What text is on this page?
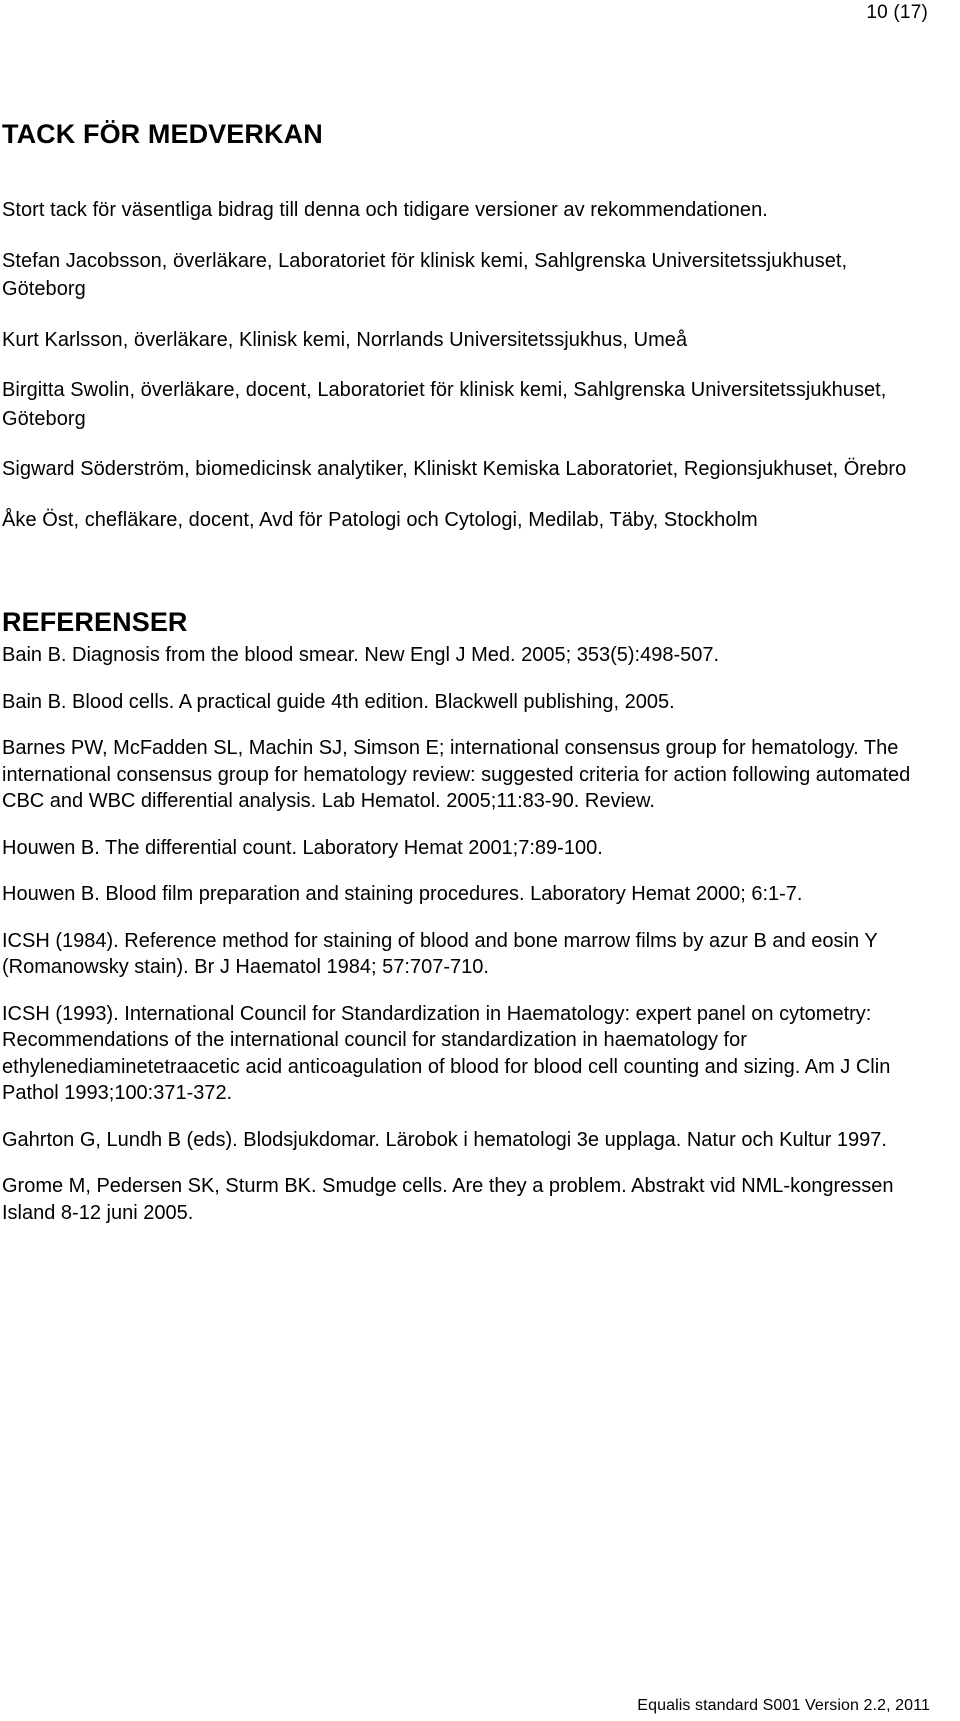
10 (17)
TACK FÖR MEDVERKAN

Stort tack för väsentliga bidrag till denna och tidigare versioner av rekommendationen.

Stefan Jacobsson, överläkare, Laboratoriet för klinisk kemi, Sahlgrenska Universitetssjukhuset, Göteborg

Kurt Karlsson, överläkare, Klinisk kemi, Norrlands Universitetssjukhus, Umeå

Birgitta Swolin, överläkare, docent, Laboratoriet för klinisk kemi, Sahlgrenska Universitetssjukhuset, Göteborg

Sigward Söderström, biomedicinsk analytiker, Kliniskt Kemiska Laboratoriet, Regionsjukhuset, Örebro

Åke Öst, chefläkare, docent, Avd för Patologi och Cytologi, Medilab, Täby, Stockholm

REFERENSER

Bain B. Diagnosis from the blood smear. New Engl J Med. 2005; 353(5):498-507.

Bain B. Blood cells. A practical guide 4th edition. Blackwell publishing, 2005.

Barnes PW, McFadden SL, Machin SJ, Simson E; international consensus group for hematology. The international consensus group for hematology review: suggested criteria for action following automated CBC and WBC differential analysis. Lab Hematol. 2005;11:83-90. Review.

Houwen B. The differential count. Laboratory Hemat 2001;7:89-100.

Houwen B. Blood film preparation and staining procedures. Laboratory Hemat 2000; 6:1-7.

ICSH (1984). Reference method for staining of blood and bone marrow films by azur B and eosin Y (Romanowsky stain). Br J Haematol 1984; 57:707-710.

ICSH (1993). International Council for Standardization in Haematology: expert panel on cytometry: Recommendations of the international council for standardization in haematology for ethylenediaminetetraacetic acid anticoagulation of blood for blood cell counting and sizing. Am J Clin Pathol 1993;100:371-372.

Gahrton G, Lundh B (eds). Blodsjukdomar. Lärobok i hematologi 3e upplaga. Natur och Kultur 1997.

Grome M, Pedersen SK, Sturm BK. Smudge cells. Are they a problem. Abstrakt vid NML-kongressen Island 8-12 juni 2005.

Equalis standard S001 Version 2.2, 2011
